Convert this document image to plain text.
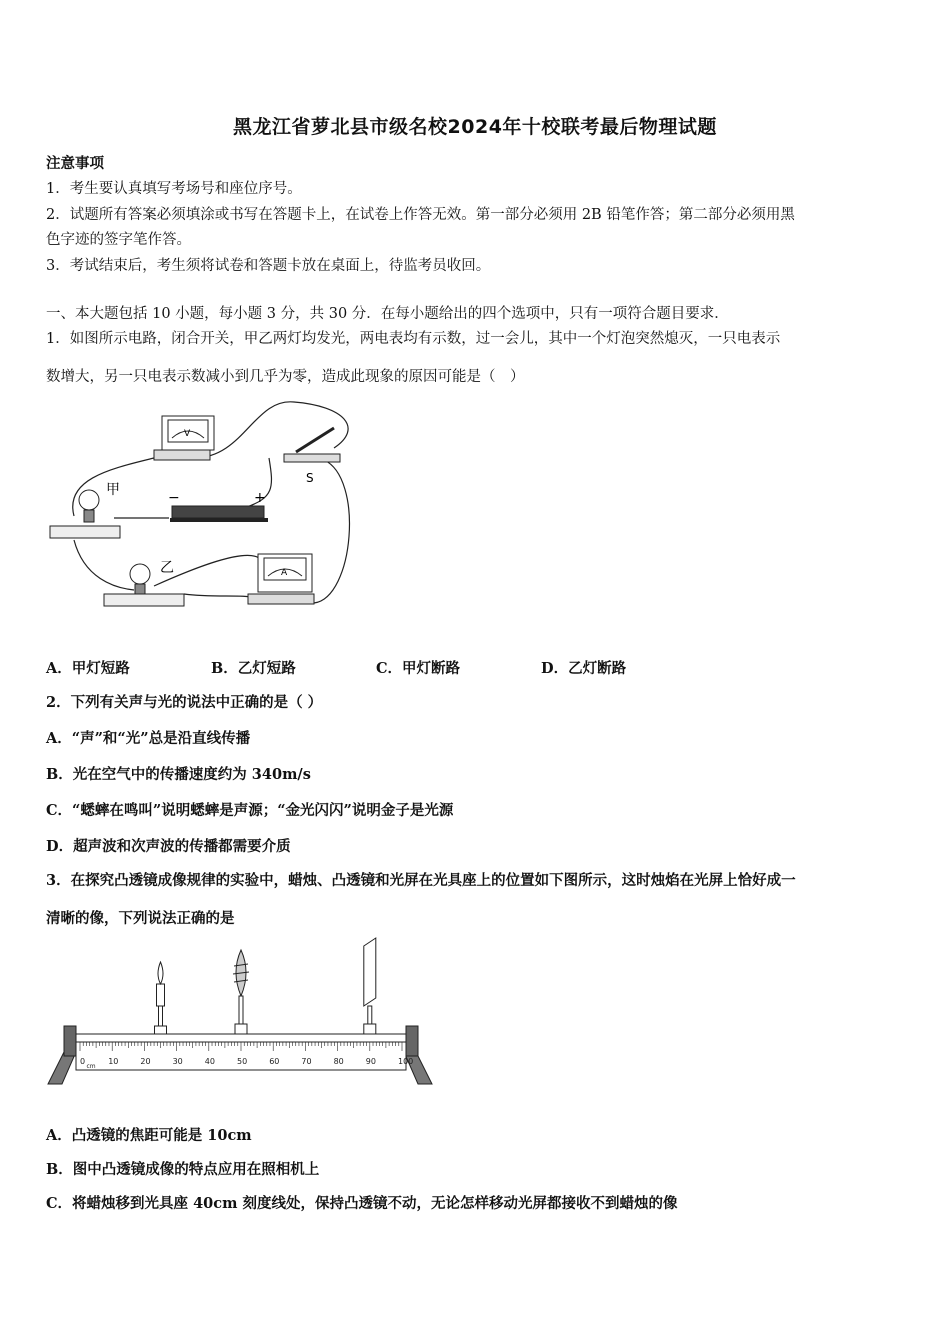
黑龙江省萝北县市级名校2024年十校联考最后物理试题
注意事项
1．考生要认真填写考场号和座位序号。
2．试题所有答案必须填涂或书写在答题卡上，在试卷上作答无效。第一部分必须用 2B 铅笔作答；第二部分必须用黑
色字迹的签字笔作答。
3．考试结束后，考生须将试卷和答题卡放在桌面上，待监考员收回。
一、本大题包括 10 小题，每小题 3 分，共 30 分．在每小题给出的四个选项中，只有一项符合题目要求．
1．如图所示电路，闭合开关，甲乙两灯均发光，两电表均有示数，过一会儿，其中一个灯泡突然熄灭，一只电表示
数增大，另一只电表示数减小到几乎为零，造成此现象的原因可能是（　）
V
S
−	+
甲
乙	A
A．甲灯短路	B．乙灯短路	C．甲灯断路	D．乙灯断路
2．下列有关声与光的说法中正确的是（ ）
A．“声”和“光”总是沿直线传播
B．光在空气中的传播速度约为 340m/s
C．“蟋蟀在鸣叫”说明蟋蟀是声源；“金光闪闪”说明金子是光源
D．超声波和次声波的传播都需要介质
3．在探究凸透镜成像规律的实验中，蜡烛、凸透镜和光屏在光具座上的位置如下图所示，这时烛焰在光屏上恰好成一
清晰的像，下列说法正确的是
0	10	20	30	40	50	60	70	80	90	100
cm
A．凸透镜的焦距可能是 10cm
B．图中凸透镜成像的特点应用在照相机上
C．将蜡烛移到光具座 40cm 刻度线处，保持凸透镜不动，无论怎样移动光屏都接收不到蜡烛的像
